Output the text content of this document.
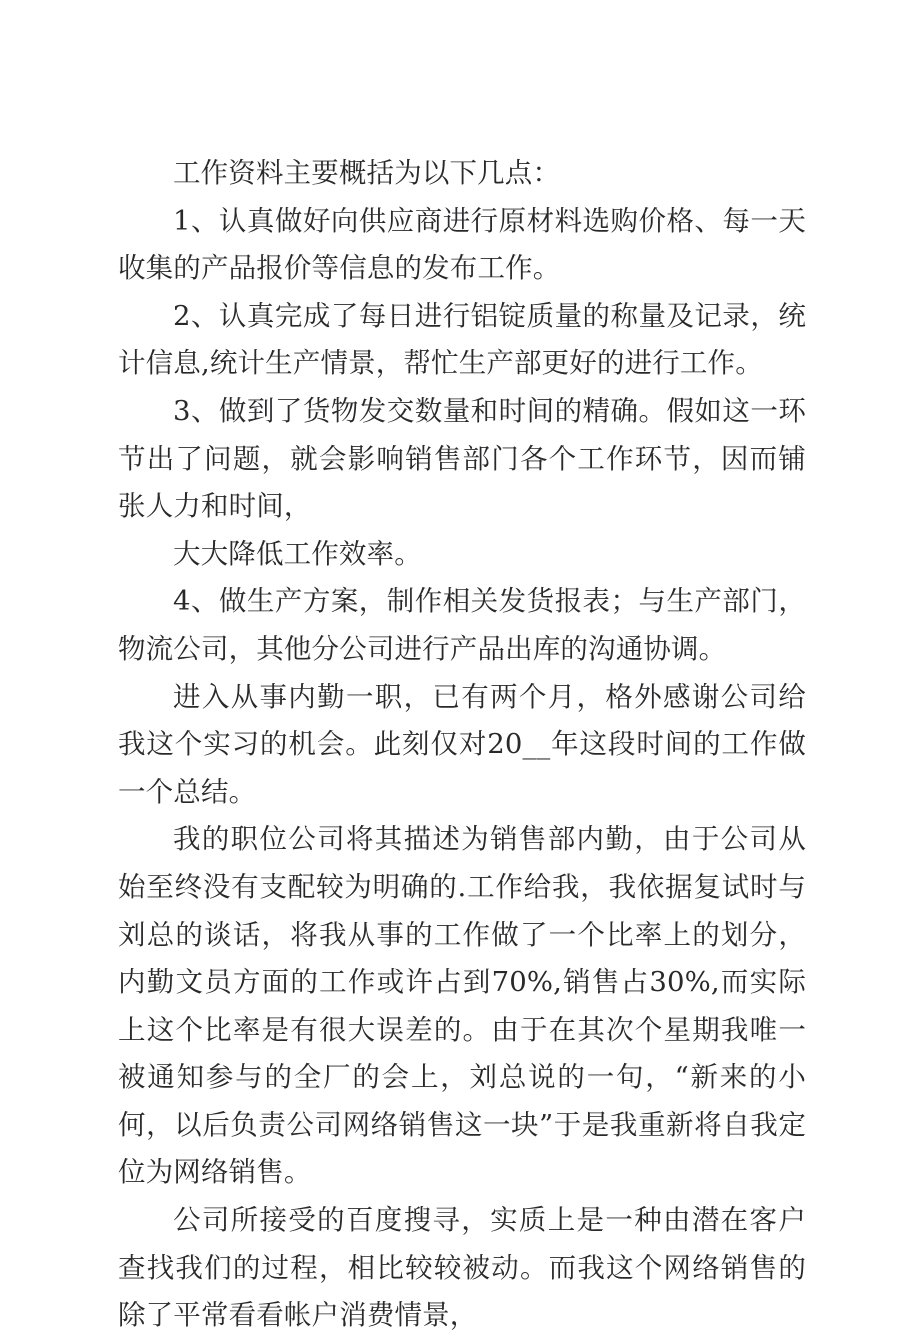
工作资料主要概括为以下几点：

1、认真做好向供应商进行原材料选购价格、每一天收集的产品报价等信息的发布工作。

2、认真完成了每日进行铝锭质量的称量及记录，统计信息,统计生产情景，帮忙生产部更好的进行工作。

3、做到了货物发交数量和时间的精确。假如这一环节出了问题，就会影响销售部门各个工作环节，因而铺张人力和时间，

大大降低工作效率。

4、做生产方案，制作相关发货报表；与生产部门，物流公司，其他分公司进行产品出库的沟通协调。

进入从事内勤一职，已有两个月，格外感谢公司给我这个实习的机会。此刻仅对20__年这段时间的工作做一个总结。

我的职位公司将其描述为销售部内勤，由于公司从始至终没有支配较为明确的.工作给我，我依据复试时与刘总的谈话，将我从事的工作做了一个比率上的划分，内勤文员方面的工作或许占到70%,销售占30%,而实际上这个比率是有很大误差的。由于在其次个星期我唯一被通知参与的全厂的会上，刘总说的一句，“新来的小何，以后负责公司网络销售这一块”于是我重新将自我定位为网络销售。

公司所接受的百度搜寻，实质上是一种由潜在客户查找我们的过程，相比较较被动。而我这个网络销售的除了平常看看帐户消费情景，
